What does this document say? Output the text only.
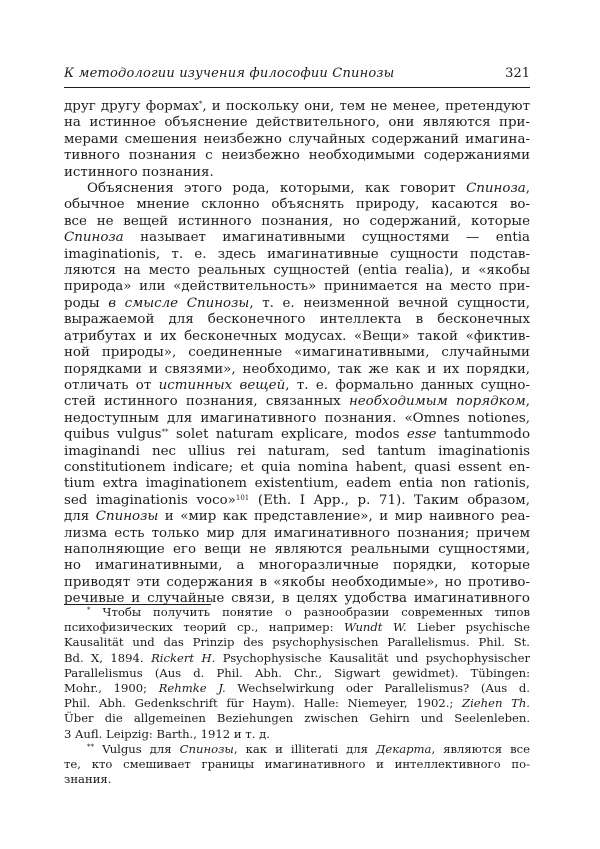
К методологии изучения философии Спинозы	321
друг другу формах*, и поскольку они, тем не менее, претендуют
на истинное объяснение действительного, они являются при-
мерами смешения неизбежно случайных содержаний имагина-
тивного познания с неизбежно необходимыми содержаниями
истинного познания.
Объяснения этого рода, которыми, как говорит Спиноза,
обычное мнение склонно объяснять природу, касаются во-
все не вещей истинного познания, но содержаний, которые
Спиноза называет имагинативными сущностями — entia
imaginationis, т. е. здесь имагинативные сущности подстав-
ляются на место реальных сущностей (entia realia), и «якобы
природа» или «действительность» принимается на место при-
роды в смысле Спинозы, т. е. неизменной вечной сущности,
выражаемой для бесконечного интеллекта в бесконечных
атрибутах и их бесконечных модусах. «Вещи» такой «фиктив-
ной природы», соединенные «имагинативными, случайными
порядками и связями», необходимо, так же как и их порядки,
отличать от истинных вещей, т. е. формально данных сущно-
стей истинного познания, связанных необходимым порядком,
недоступным для имагинативного познания. «Omnes notiones,
quibus vulgus** solet naturam explicare, modos esse tantummodo
imaginandi nec ullius rei naturam, sed tantum imaginationis
constitutionem indicare; et quia nomina habent, quasi essent en-
tium extra imaginationem existentium, eadem entia non rationis,
sed imaginationis voco»$^{101}$ (Eth. I App., p. 71). Таким образом,
для Спинозы и «мир как представление», и мир наивного реа-
лизма есть только мир для имагинативного познания; причем
наполняющие его вещи не являются реальными сущностями,
но имагинативными, а многоразличные порядки, которые
приводят эти содержания в «якобы необходимые», но противо-
речивые и случайные связи, в целях удобства имагинативного
* Чтобы получить понятие о разнообразии современных типов
психофизических теорий ср., например: Wundt W. Lieber psychische
Kausalität und das Prinzip des psychophysischen Parallelismus. Phil. St.
Bd. X, 1894. Rickert H. Psychophysische Kausalität und psychophysischer
Parallelismus (Aus d. Phil. Abh. Chr., Sigwart gewidmet). Tübingen:
Mohr., 1900; Rehmke J. Wechselwirkung oder Parallelismus? (Aus d.
Phil. Abh. Gedenkschrift für Haym). Halle: Niemeyer, 1902.; Ziehen Th.
Über die allgemeinen Beziehungen zwischen Gehirn und Seelenleben.
3 Aufl. Leipzig: Barth., 1912 и т. д.
** Vulgus для Спинозы, как и illiterati для Декарта, являются все
те, кто смешивает границы имагинативного и интеллективного по-
знания.
